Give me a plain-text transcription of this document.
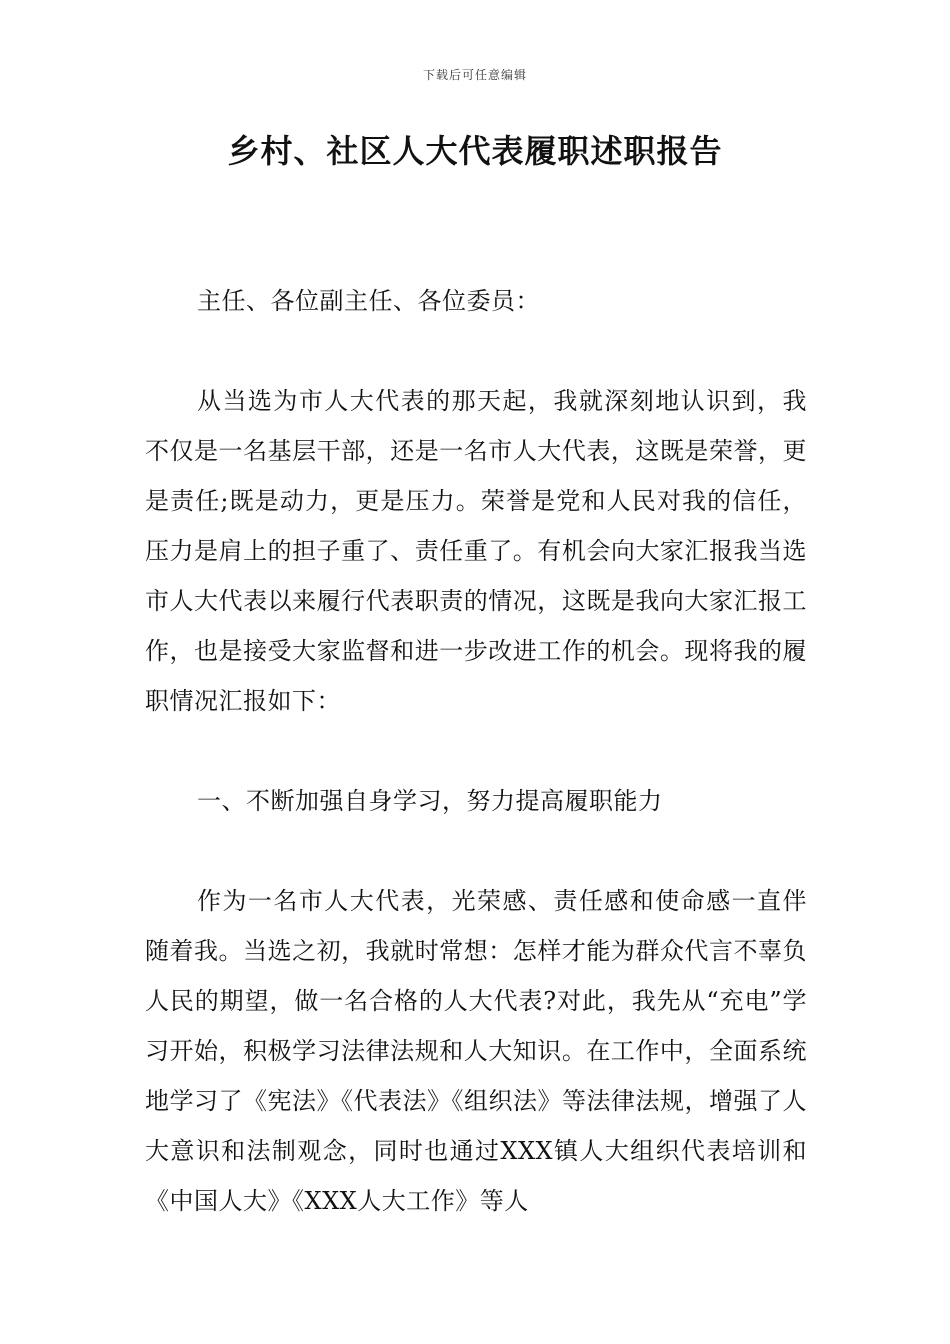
下载后可任意编辑
乡村、社区人大代表履职述职报告

主任、各位副主任、各位委员：

从当选为市人大代表的那天起，我就深刻地认识到，我不仅是一名基层干部，还是一名市人大代表，这既是荣誉，更是责任;既是动力，更是压力。荣誉是党和人民对我的信任，压力是肩上的担子重了、责任重了。有机会向大家汇报我当选市人大代表以来履行代表职责的情况，这既是我向大家汇报工作，也是接受大家监督和进一步改进工作的机会。现将我的履职情况汇报如下：

一、不断加强自身学习，努力提高履职能力

作为一名市人大代表，光荣感、责任感和使命感一直伴随着我。当选之初，我就时常想：怎样才能为群众代言不辜负人民的期望，做一名合格的人大代表?对此，我先从“充电”学习开始，积极学习法律法规和人大知识。在工作中，全面系统地学习了《宪法》《代表法》《组织法》等法律法规，增强了人大意识和法制观念，同时也通过XXX镇人大组织代表培训和《中国人大》《XXX人大工作》等人
